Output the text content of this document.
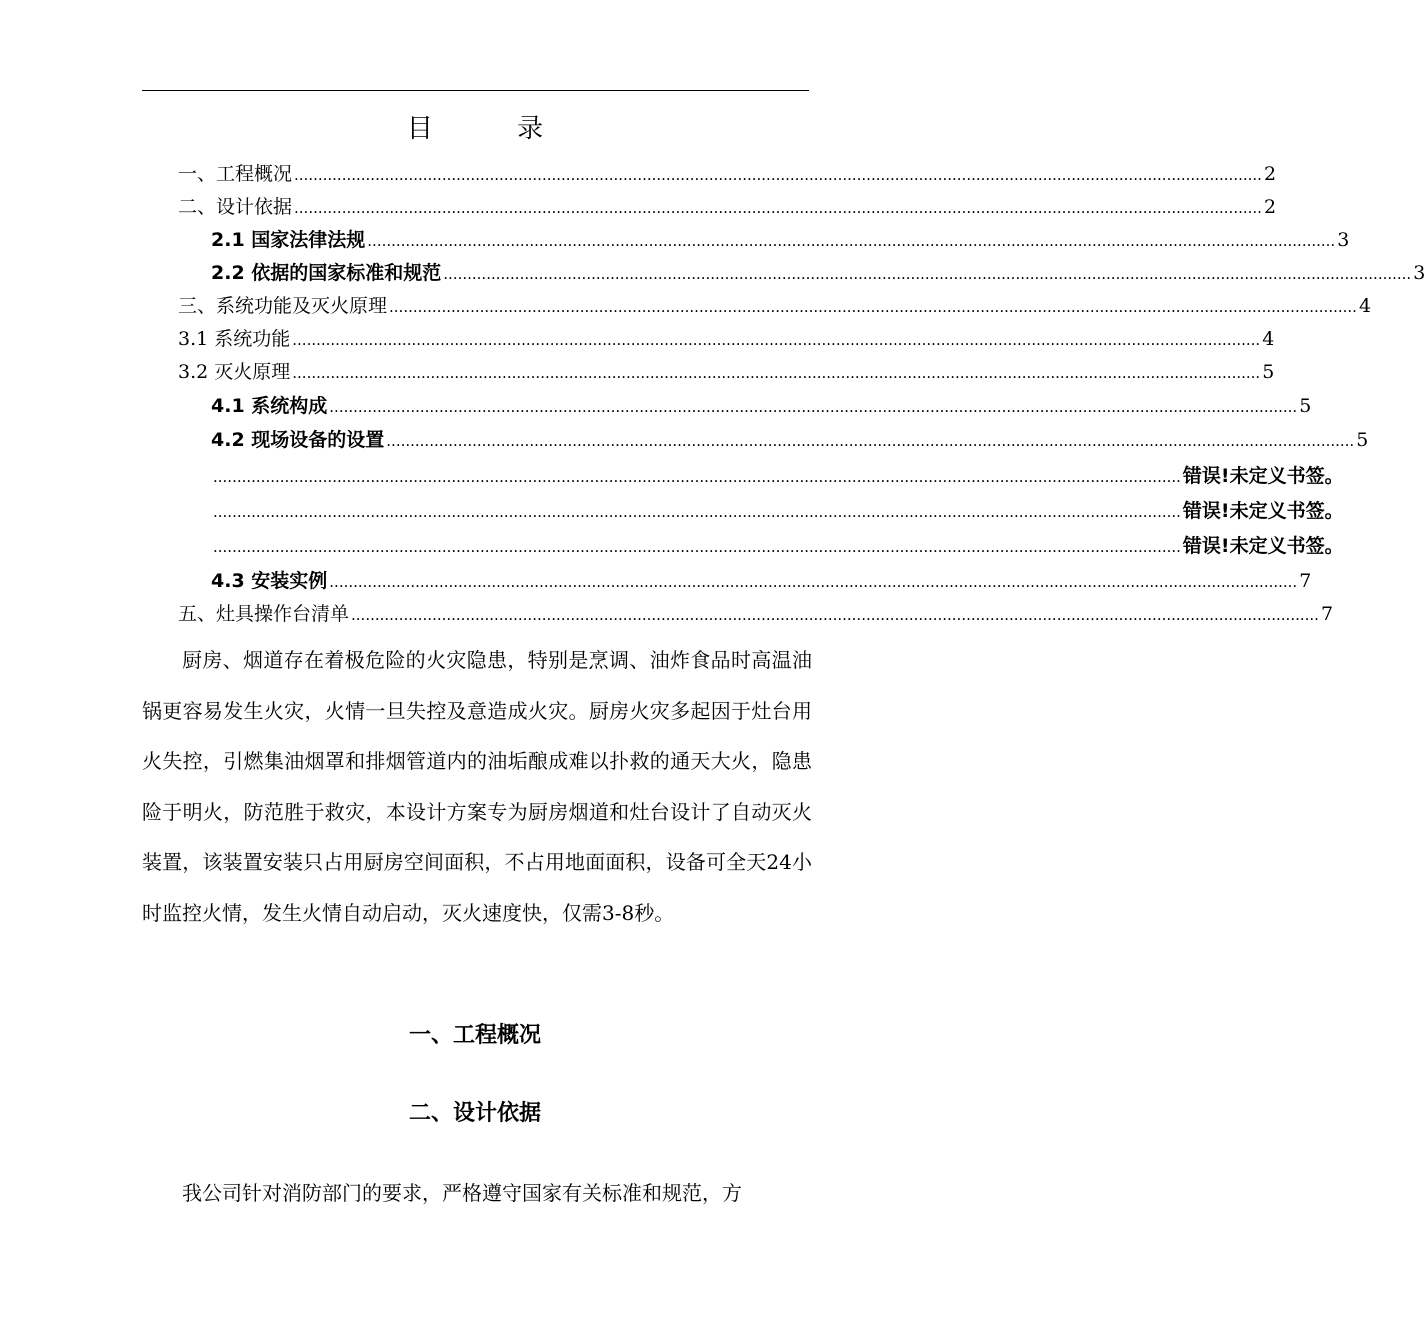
目 录
一、工程概况 ........................................................................................................................................................................................................... 2
二、设计依据 ........................................................................................................................................................................................................... 2
2.1 国家法律法规 ........................................................................................................................................................................................................... 3
2.2 依据的国家标准和规范 ........................................................................................................................................................................................................... 3
三、系统功能及灭火原理 ........................................................................................................................................................................................................... 4
3.1 系统功能 ........................................................................................................................................................................................................... 4
3.2 灭火原理 ........................................................................................................................................................................................................... 5
4.1 系统构成 ........................................................................................................................................................................................................... 5
4.2 现场设备的设置 ........................................................................................................................................................................................................... 5
........................................................................................................................................................................................................... 错误!未定义书签。
........................................................................................................................................................................................................... 错误!未定义书签。
........................................................................................................................................................................................................... 错误!未定义书签。
4.3 安装实例 ........................................................................................................................................................................................................... 7
五、灶具操作台清单 ........................................................................................................................................................................................................... 7

厨房、烟道存在着极危险的火灾隐患，特别是烹调、油炸食品时高温油锅更容易发生火灾，火情一旦失控及意造成火灾。厨房火灾多起因于灶台用火失控，引燃集油烟罩和排烟管道内的油垢酿成难以扑救的通天大火，隐患险于明火，防范胜于救灾，本设计方案专为厨房烟道和灶台设计了自动灭火装置，该装置安装只占用厨房空间面积，不占用地面面积，设备可全天24小时监控火情，发生火情自动启动，灭火速度快，仅需3-8秒。

一、工程概况
二、设计依据

我公司针对消防部门的要求，严格遵守国家有关标准和规范，方
